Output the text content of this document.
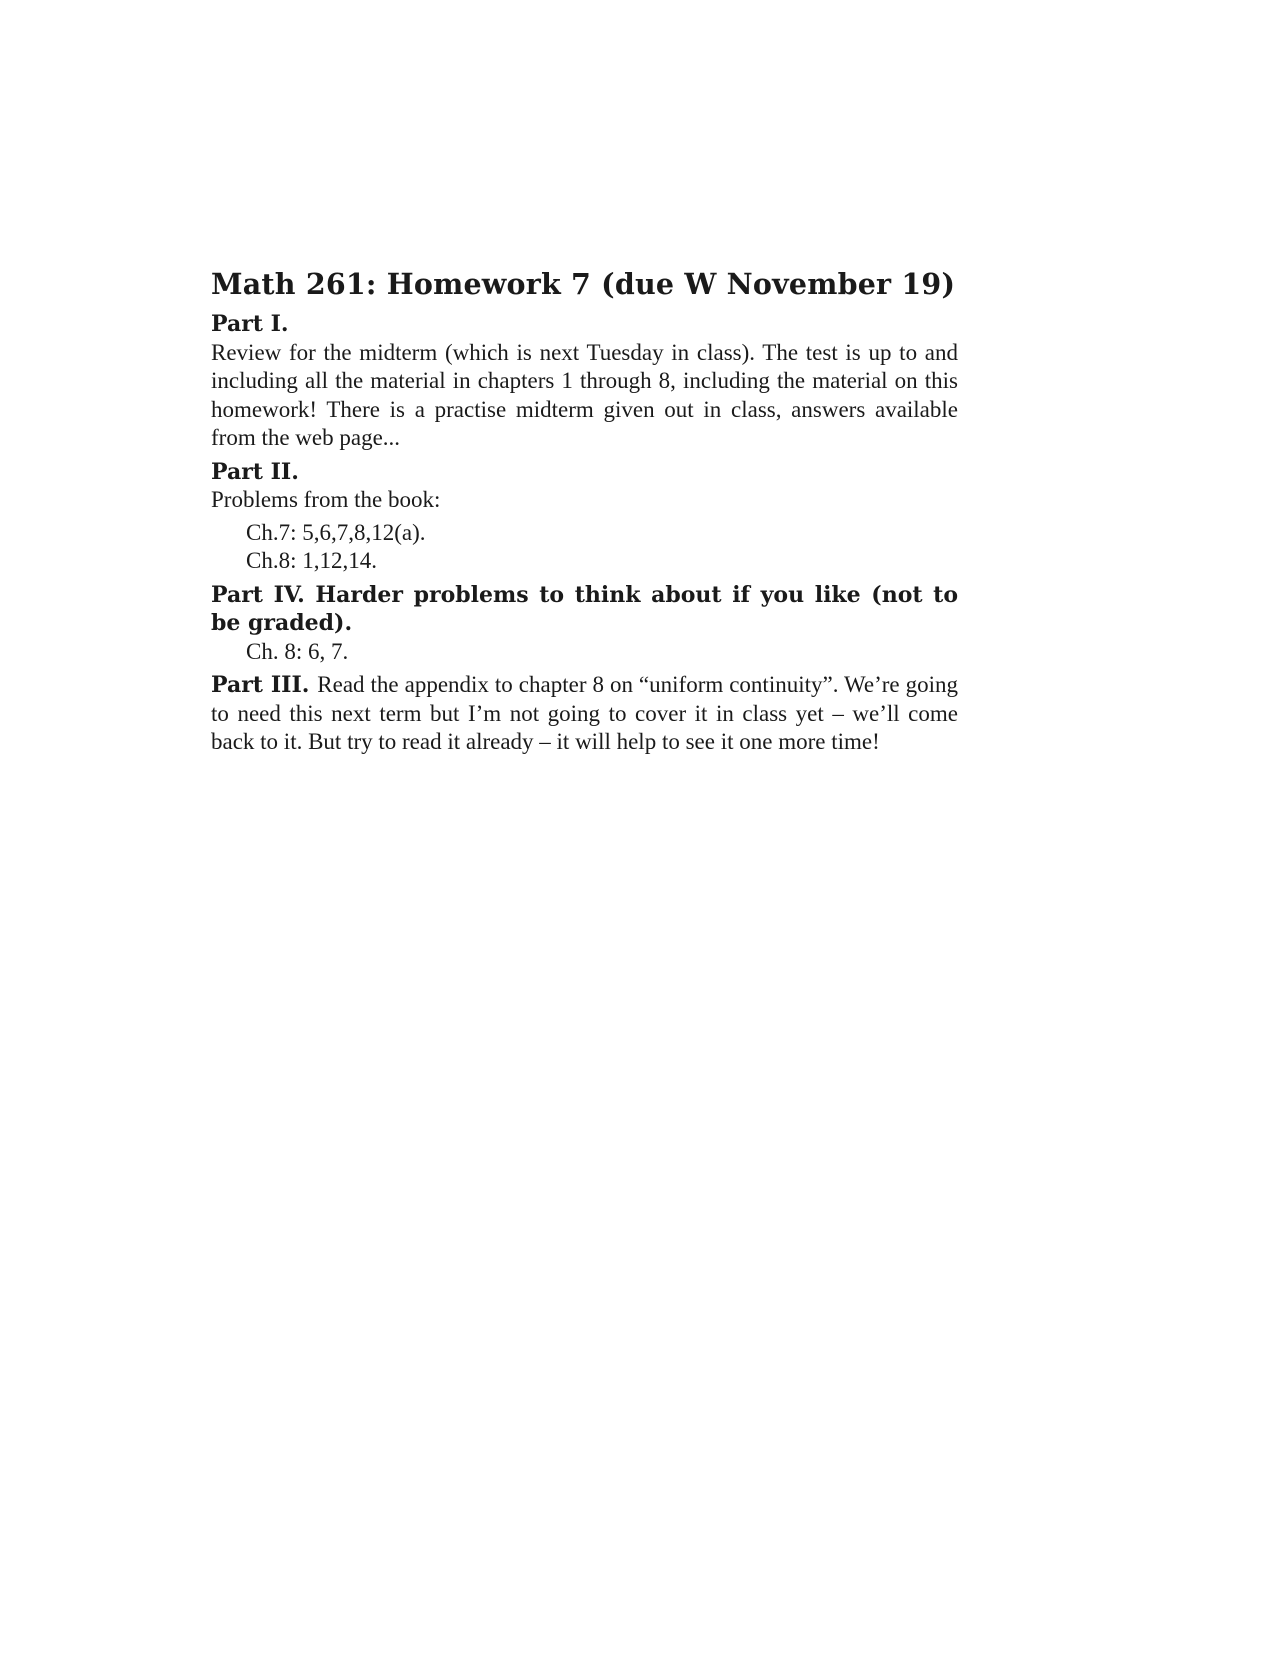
Math 261: Homework 7 (due W November 19)
Part I.
Review for the midterm (which is next Tuesday in class). The test is up to and including all the material in chapters 1 through 8, including the material on this homework! There is a practise midterm given out in class, answers available from the web page...
Part II.
Problems from the book:
Ch.7: 5,6,7,8,12(a).
Ch.8: 1,12,14.
Part IV. Harder problems to think about if you like (not to be graded).
Ch. 8: 6, 7.
Part III. Read the appendix to chapter 8 on “uniform continuity”. We’re going to need this next term but I’m not going to cover it in class yet – we’ll come back to it. But try to read it already – it will help to see it one more time!
